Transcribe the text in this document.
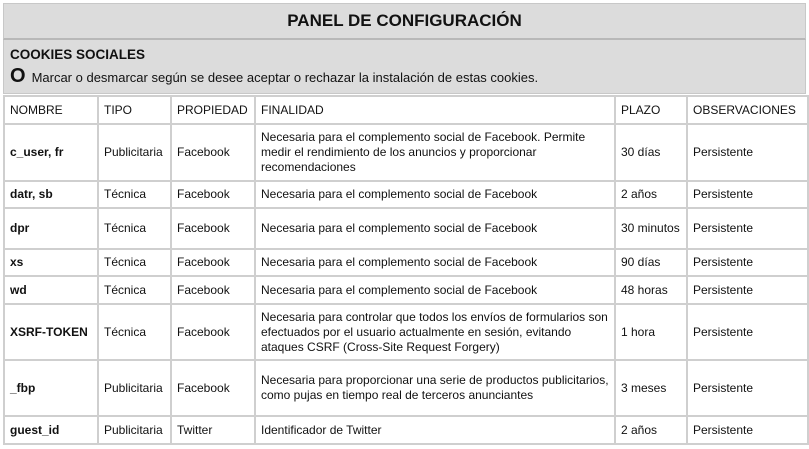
PANEL DE CONFIGURACIÓN
COOKIES SOCIALES
O Marcar o desmarcar según se desee aceptar o rechazar la instalación de estas cookies.
NOMBRE	TIPO	PROPIEDAD	FINALIDAD	PLAZO	OBSERVACIONES
c_user, fr	Publicitaria	Facebook	Necesaria para el complemento social de Facebook. Permite medir el rendimiento de los anuncios y proporcionar recomendaciones	30 días	Persistente
datr, sb	Técnica	Facebook	Necesaria para el complemento social de Facebook	2 años	Persistente
dpr	Técnica	Facebook	Necesaria para el complemento social de Facebook	30 minutos	Persistente
xs	Técnica	Facebook	Necesaria para el complemento social de Facebook	90 días	Persistente
wd	Técnica	Facebook	Necesaria para el complemento social de Facebook	48 horas	Persistente
XSRF-TOKEN	Técnica	Facebook	Necesaria para controlar que todos los envíos de formularios son efectuados por el usuario actualmente en sesión, evitando ataques CSRF (Cross-Site Request Forgery)	1 hora	Persistente
_fbp	Publicitaria	Facebook	Necesaria para proporcionar una serie de productos publicitarios, como pujas en tiempo real de terceros anunciantes	3 meses	Persistente
guest_id	Publicitaria	Twitter	Identificador de Twitter	2 años	Persistente
